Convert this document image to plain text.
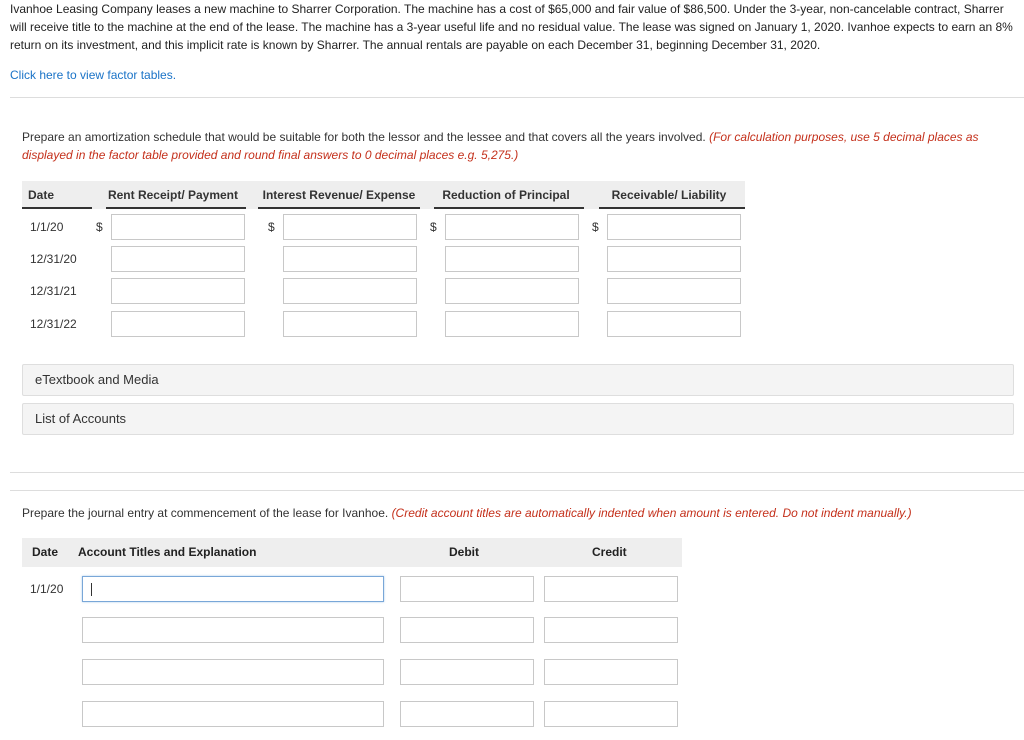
Ivanhoe Leasing Company leases a new machine to Sharrer Corporation. The machine has a cost of $65,000 and fair value of $86,500. Under the 3-year, non-cancelable contract, Sharrer will receive title to the machine at the end of the lease. The machine has a 3-year useful life and no residual value. The lease was signed on January 1, 2020. Ivanhoe expects to earn an 8% return on its investment, and this implicit rate is known by Sharrer. The annual rentals are payable on each December 31, beginning December 31, 2020.
Click here to view factor tables.
Prepare an amortization schedule that would be suitable for both the lessor and the lessee and that covers all the years involved. (For calculation purposes, use 5 decimal places as displayed in the factor table provided and round final answers to 0 decimal places e.g. 5,275.)
Date	Rent Receipt/ Payment	Interest Revenue/ Expense	Reduction of Principal	Receivable/ Liability
1/1/20	$	$	$	$
12/31/20
12/31/21
12/31/22
eTextbook and Media
List of Accounts
Prepare the journal entry at commencement of the lease for Ivanhoe. (Credit account titles are automatically indented when amount is entered. Do not indent manually.)
Date Account Titles and Explanation	Debit	Credit
1/1/20
